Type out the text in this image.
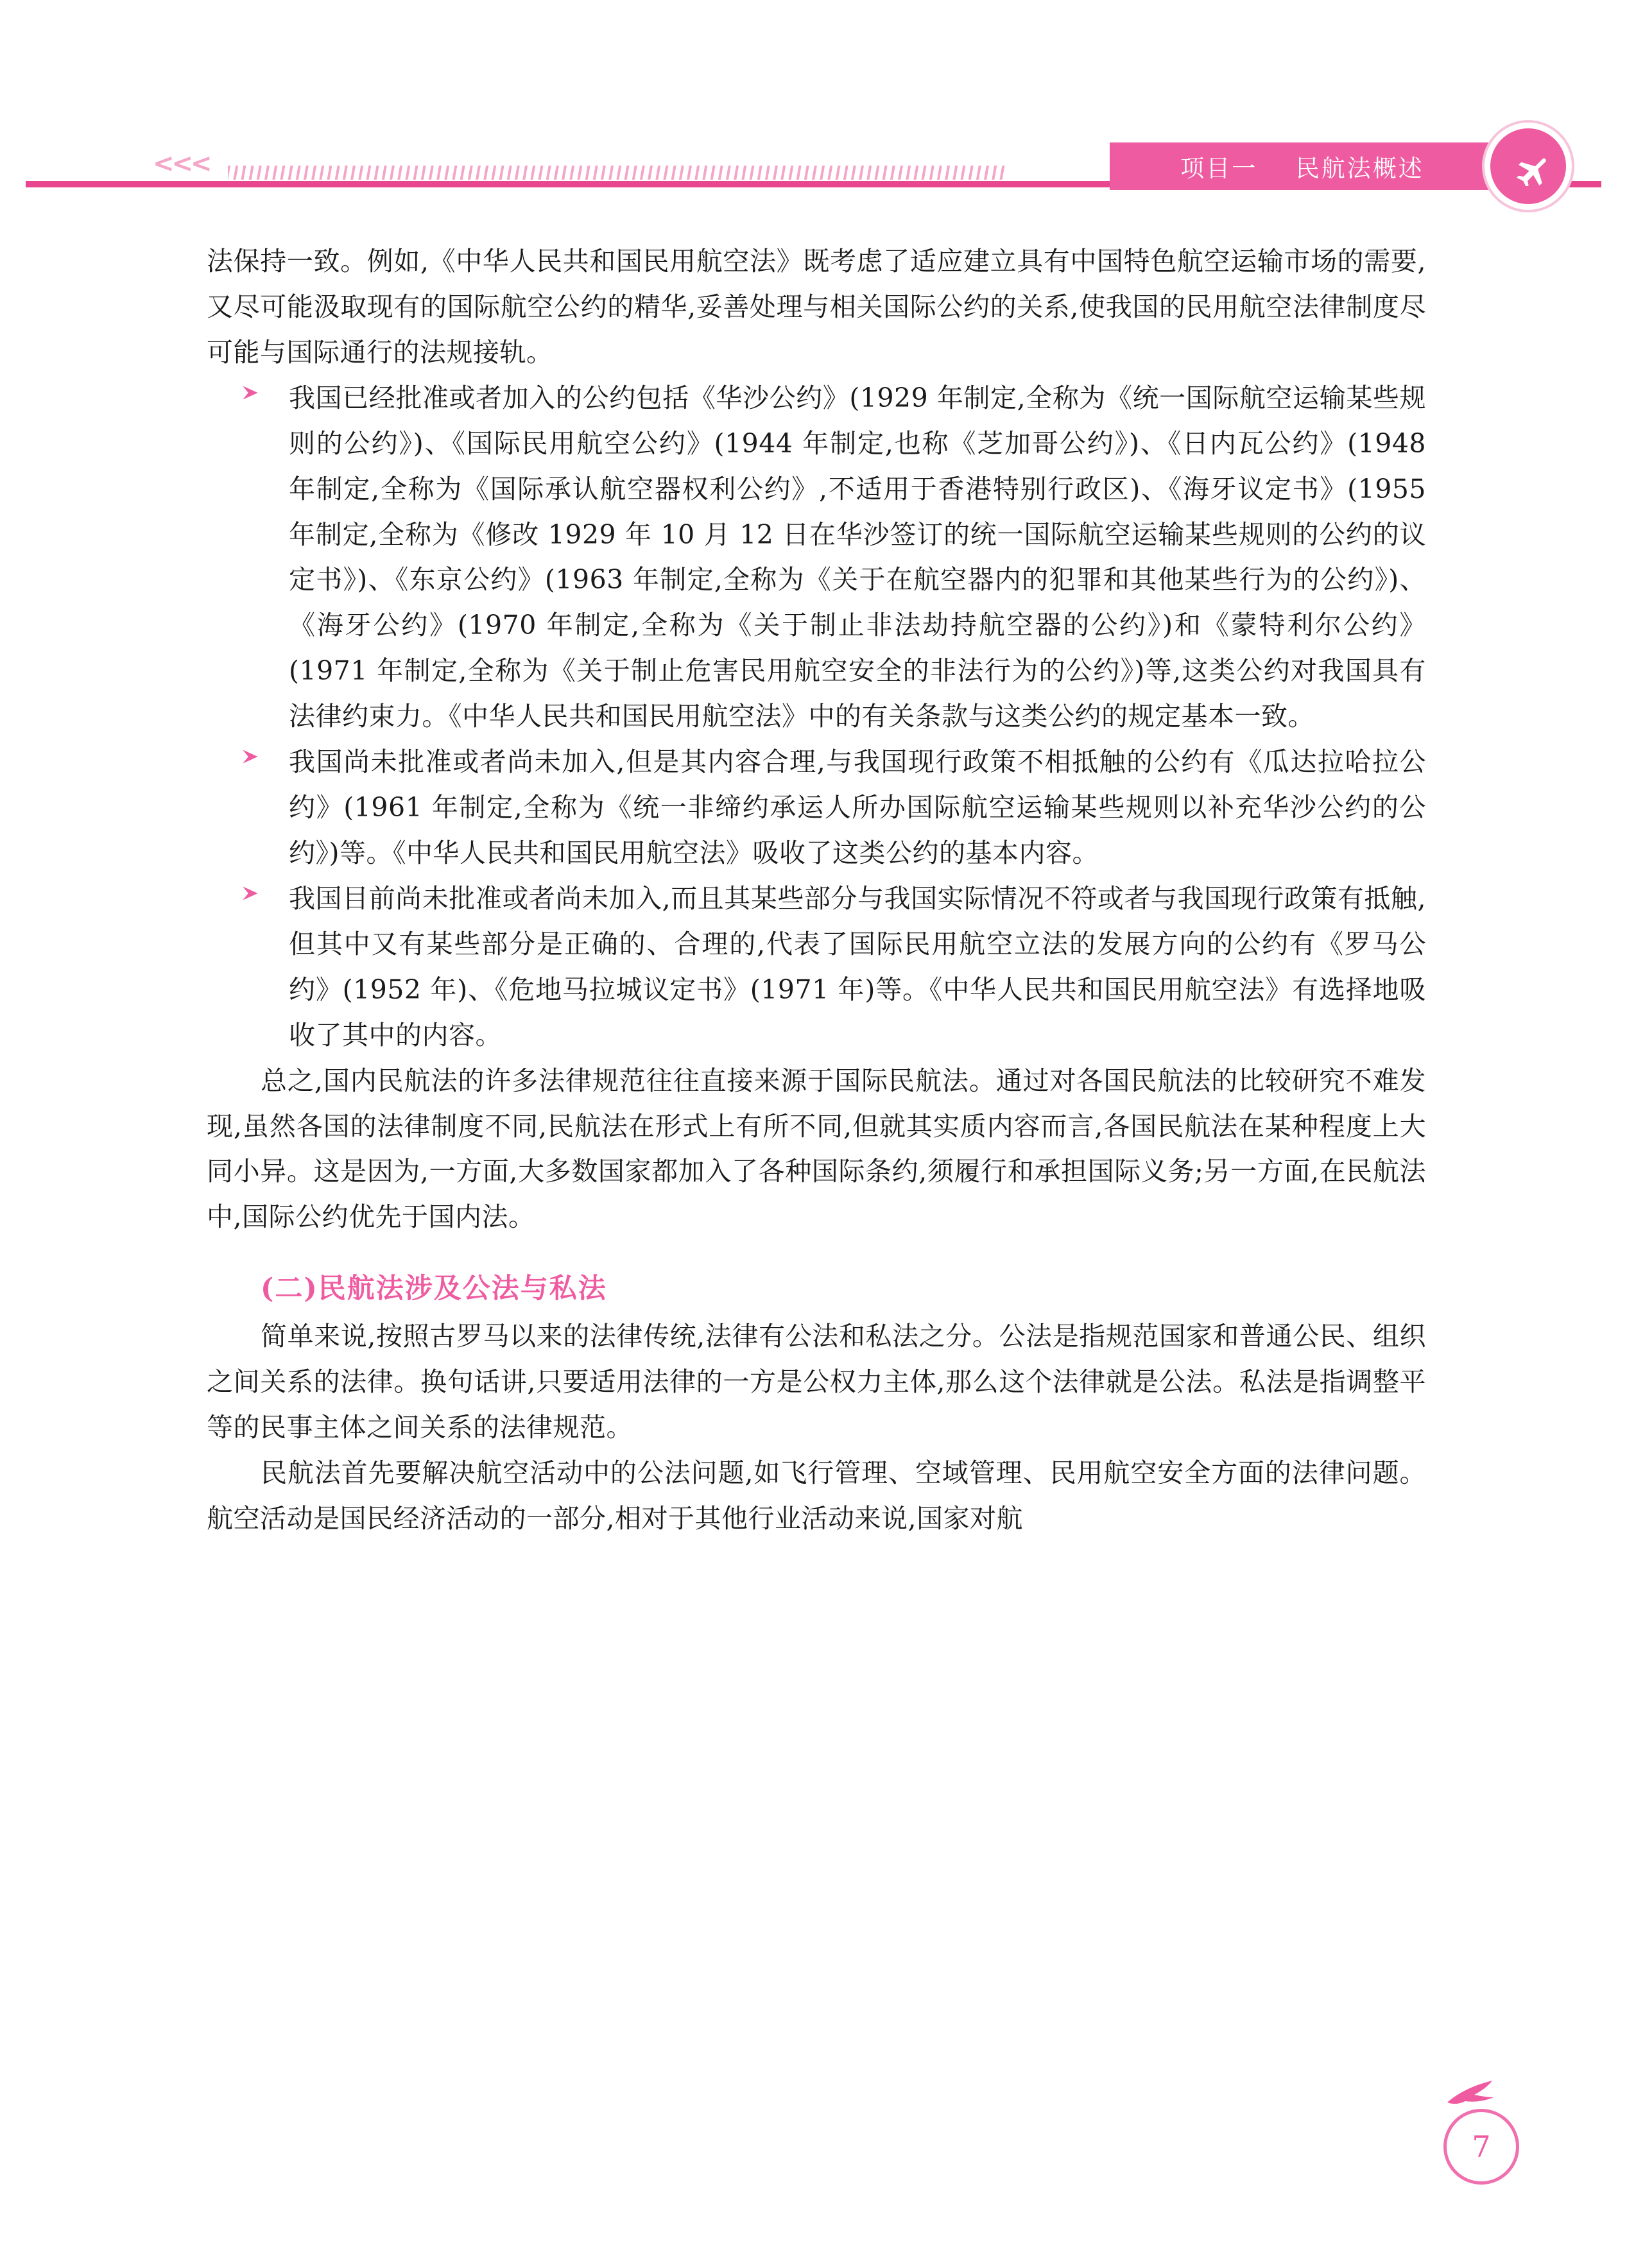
<<<	项目一 民航法概述

法保持一致。例如,《中华人民共和国民用航空法》既考虑了适应建立具有中国特色航空运输市场的需要,又尽可能汲取现有的国际航空公约的精华,妥善处理与相关国际公约的关系,使我国的民用航空法律制度尽可能与国际通行的法规接轨。

我国已经批准或者加入的公约包括《华沙公约》(1929 年制定,全称为《统一国际航空运输某些规则的公约》)、《国际民用航空公约》(1944 年制定,也称《芝加哥公约》)、《日内瓦公约》(1948 年制定,全称为《国际承认航空器权利公约》,不适用于香港特别行政区)、《海牙议定书》(1955 年制定,全称为《修改 1929 年 10 月 12 日在华沙签订的统一国际航空运输某些规则的公约的议定书》)、《东京公约》(1963 年制定,全称为《关于在航空器内的犯罪和其他某些行为的公约》)、《海牙公约》(1970 年制定,全称为《关于制止非法劫持航空器的公约》)和《蒙特利尔公约》(1971 年制定,全称为《关于制止危害民用航空安全的非法行为的公约》)等,这类公约对我国具有法律约束力。《中华人民共和国民用航空法》中的有关条款与这类公约的规定基本一致。
我国尚未批准或者尚未加入,但是其内容合理,与我国现行政策不相抵触的公约有《瓜达拉哈拉公约》(1961 年制定,全称为《统一非缔约承运人所办国际航空运输某些规则以补充华沙公约的公约》)等。《中华人民共和国民用航空法》吸收了这类公约的基本内容。
我国目前尚未批准或者尚未加入,而且其某些部分与我国实际情况不符或者与我国现行政策有抵触,但其中又有某些部分是正确的、合理的,代表了国际民用航空立法的发展方向的公约有《罗马公约》(1952 年)、《危地马拉城议定书》(1971 年)等。《中华人民共和国民用航空法》有选择地吸收了其中的内容。

总之,国内民航法的许多法律规范往往直接来源于国际民航法。通过对各国民航法的比较研究不难发现,虽然各国的法律制度不同,民航法在形式上有所不同,但就其实质内容而言,各国民航法在某种程度上大同小异。这是因为,一方面,大多数国家都加入了各种国际条约,须履行和承担国际义务;另一方面,在民航法中,国际公约优先于国内法。

(二)民航法涉及公法与私法

简单来说,按照古罗马以来的法律传统,法律有公法和私法之分。公法是指规范国家和普通公民、组织之间关系的法律。换句话讲,只要适用法律的一方是公权力主体,那么这个法律就是公法。私法是指调整平等的民事主体之间关系的法律规范。

民航法首先要解决航空活动中的公法问题,如飞行管理、空域管理、民用航空安全方面的法律问题。航空活动是国民经济活动的一部分,相对于其他行业活动来说,国家对航

7
